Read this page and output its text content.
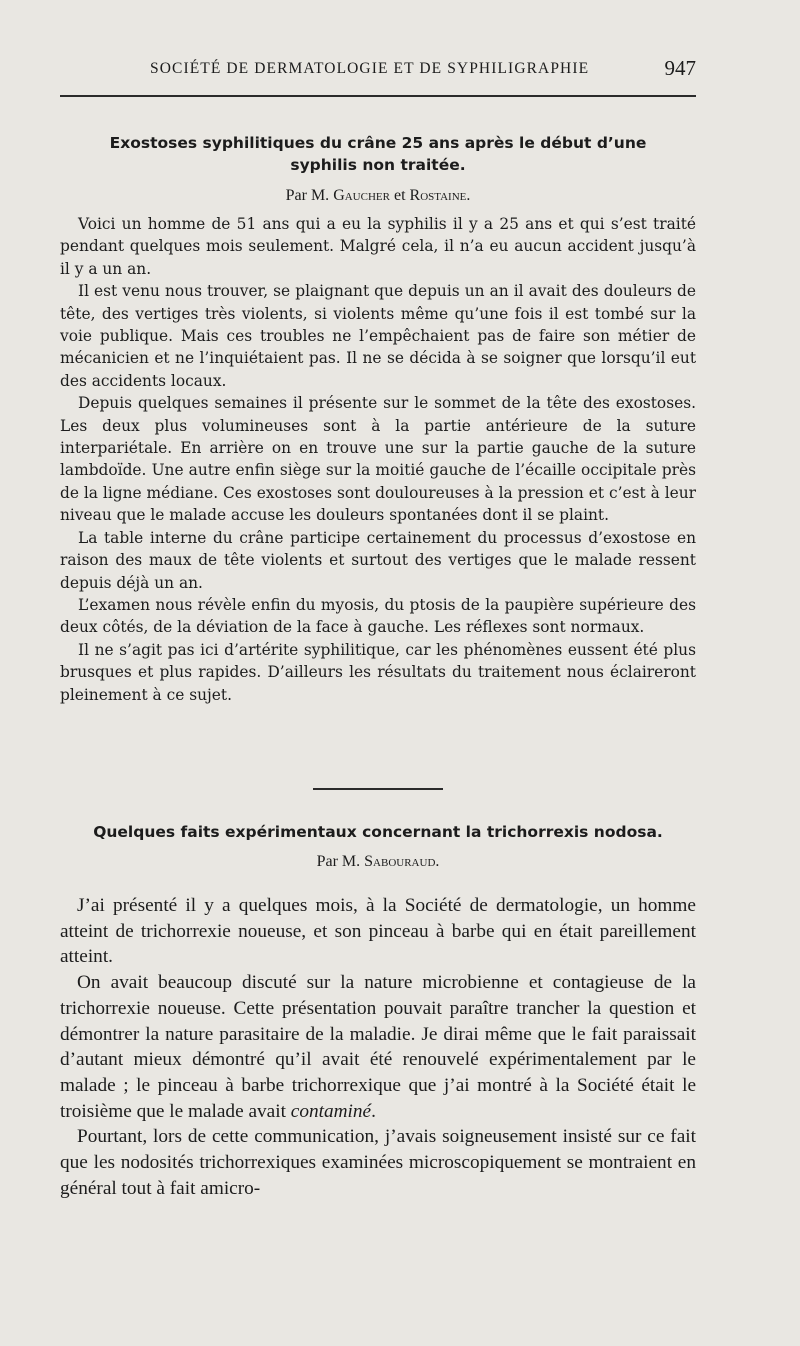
SOCIÉTÉ DE DERMATOLOGIE ET DE SYPHILIGRAPHIE	947
Exostoses syphilitiques du crâne 25 ans après le début d’une
syphilis non traitée.

Par M. Gaucher et Rostaine.

Voici un homme de 51 ans qui a eu la syphilis il y a 25 ans et qui s’est traité pendant quelques mois seulement. Malgré cela, il n’a eu aucun accident jusqu’à il y a un an.

Il est venu nous trouver, se plaignant que depuis un an il avait des douleurs de tête, des vertiges très violents, si violents même qu’une fois il est tombé sur la voie publique. Mais ces troubles ne l’empêchaient pas de faire son métier de mécanicien et ne l’inquiétaient pas. Il ne se décida à se soigner que lorsqu’il eut des accidents locaux.

Depuis quelques semaines il présente sur le sommet de la tête des exostoses. Les deux plus volumineuses sont à la partie antérieure de la suture interpariétale. En arrière on en trouve une sur la partie gauche de la suture lambdoïde. Une autre enfin siège sur la moitié gauche de l’écaille occipitale près de la ligne médiane. Ces exostoses sont douloureuses à la pression et c’est à leur niveau que le malade accuse les douleurs spontanées dont il se plaint.

La table interne du crâne participe certainement du processus d’exostose en raison des maux de tête violents et surtout des vertiges que le malade ressent depuis déjà un an.

L’examen nous révèle enfin du myosis, du ptosis de la paupière supérieure des deux côtés, de la déviation de la face à gauche. Les réflexes sont normaux.

Il ne s’agit pas ici d’artérite syphilitique, car les phénomènes eussent été plus brusques et plus rapides. D’ailleurs les résultats du traitement nous éclaireront pleinement à ce sujet.

Quelques faits expérimentaux concernant la trichorrexis nodosa.

Par M. Sabouraud.

J’ai présenté il y a quelques mois, à la Société de dermatologie, un homme atteint de trichorrexie noueuse, et son pinceau à barbe qui en était pareillement atteint.

On avait beaucoup discuté sur la nature microbienne et contagieuse de la trichorrexie noueuse. Cette présentation pouvait paraître trancher la question et démontrer la nature parasitaire de la maladie. Je dirai même que le fait paraissait d’autant mieux démontré qu’il avait été renouvelé expérimentalement par le malade ; le pinceau à barbe trichorrexique que j’ai montré à la Société était le troisième que le malade avait contaminé.

Pourtant, lors de cette communication, j’avais soigneusement insisté sur ce fait que les nodosités trichorrexiques examinées microscopiquement se montraient en général tout à fait amicro-
